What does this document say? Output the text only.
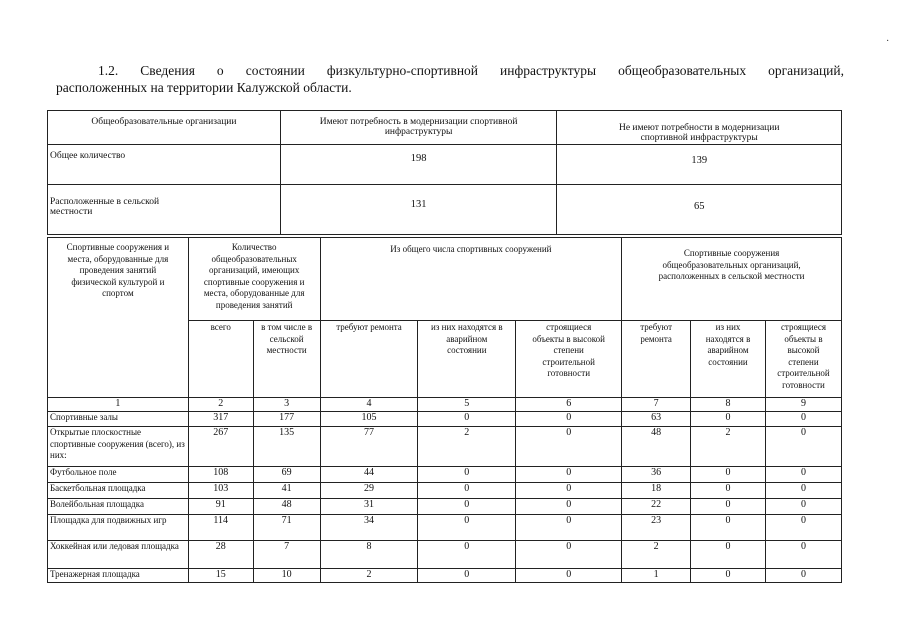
1.2. Сведения о состоянии физкультурно-спортивной инфраструктуры общеобразовательных организаций,
расположенных на территории Калужской области.
Общеобразовательные организации	Имеют потребность в модернизации спортивной инфраструктуры	Не имеют потребности в модернизации спортивной инфраструктуры
Общее количество	198	139
Расположенные в сельской местности	131	65
Спортивные сооружения и места, оборудованные для проведения занятий физической культурой и спортом	Количество общеобразовательных организаций, имеющих спортивные сооружения и места, оборудованные для проведения занятий		Из общего числа спортивных сооружений			Спортивные сооружения общеобразовательных организаций, расположенных в сельской местности		
	всего	в том числе в сельской местности	требуют ремонта	из них находятся в аварийном состоянии	строящиеся объекты в высокой степени строительной готовности	требуют ремонта	из них находятся в аварийном состоянии	строящиеся объекты в высокой степени строительной готовности
1	2	3	4	5	6	7	8	9
Спортивные залы	317	177	105	0	0	63	0	0
Открытые плоскостные спортивные сооружения (всего), из них:	267	135	77	2	0	48	2	0
Футбольное поле	108	69	44	0	0	36	0	0
Баскетбольная площадка	103	41	29	0	0	18	0	0
Волейбольная площадка	91	48	31	0	0	22	0	0
Площадка для подвижных игр	114	71	34	0	0	23	0	0
Хоккейная или ледовая площадка	28	7	8	0	0	2	0	0
Тренажерная площадка	15	10	2	0	0	1	0	0
·
